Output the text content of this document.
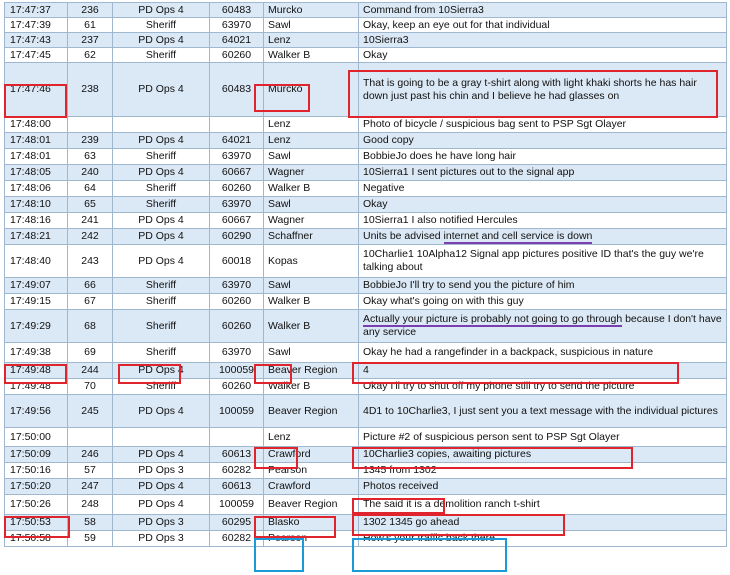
17:47:37	236	PD Ops 4	60483	Murcko	Command from 10Sierra3
17:47:39	61	Sheriff	63970	Sawl	Okay, keep an eye out for that individual
17:47:43	237	PD Ops 4	64021	Lenz	10Sierra3
17:47:45	62	Sheriff	60260	Walker B	Okay
17:47:46	238	PD Ops 4	60483	Murcko	That is going to be a gray t-shirt along with light khaki shorts he has hair down just past his chin and I believe he had glasses on
17:48:00				Lenz	Photo of bicycle / suspicious bag sent to PSP Sgt Olayer
17:48:01	239	PD Ops 4	64021	Lenz	Good copy
17:48:01	63	Sheriff	63970	Sawl	BobbieJo does he have long hair
17:48:05	240	PD Ops 4	60667	Wagner	10Sierra1 I sent pictures out to the signal app
17:48:06	64	Sheriff	60260	Walker B	Negative
17:48:10	65	Sheriff	63970	Sawl	Okay
17:48:16	241	PD Ops 4	60667	Wagner	10Sierra1 I also notified Hercules
17:48:21	242	PD Ops 4	60290	Schaffner	Units be advised internet and cell service is down
17:48:40	243	PD Ops 4	60018	Kopas	10Charlie1 10Alpha12 Signal app pictures positive ID that's the guy we're talking about
17:49:07	66	Sheriff	63970	Sawl	BobbieJo I'll try to send you the picture of him
17:49:15	67	Sheriff	60260	Walker B	Okay what's going on with this guy
17:49:29	68	Sheriff	60260	Walker B	Actually your picture is probably not going to go through because I don't have any service
17:49:38	69	Sheriff	63970	Sawl	Okay he had a rangefinder in a backpack, suspicious in nature
17:49:48	244	PD Ops 4	100059	Beaver Region	4
17:49:48	70	Sheriff	60260	Walker B	Okay I'll try to shut off my phone still try to send the picture
17:49:56	245	PD Ops 4	100059	Beaver Region	4D1 to 10Charlie3, I just sent you a text message with the individual pictures
17:50:00				Lenz	Picture #2 of suspicious person sent to PSP Sgt Olayer
17:50:09	246	PD Ops 4	60613	Crawford	10Charlie3 copies, awaiting pictures
17:50:16	57	PD Ops 3	60282	Pearson	1345 from 1302
17:50:20	247	PD Ops 4	60613	Crawford	Photos received
17:50:26	248	PD Ops 4	100059	Beaver Region	The said it is a demolition ranch t-shirt
17:50:53	58	PD Ops 3	60295	Blasko	1302 1345 go ahead
17:50:58	59	PD Ops 3	60282	Pearson	How's your traffic back there
